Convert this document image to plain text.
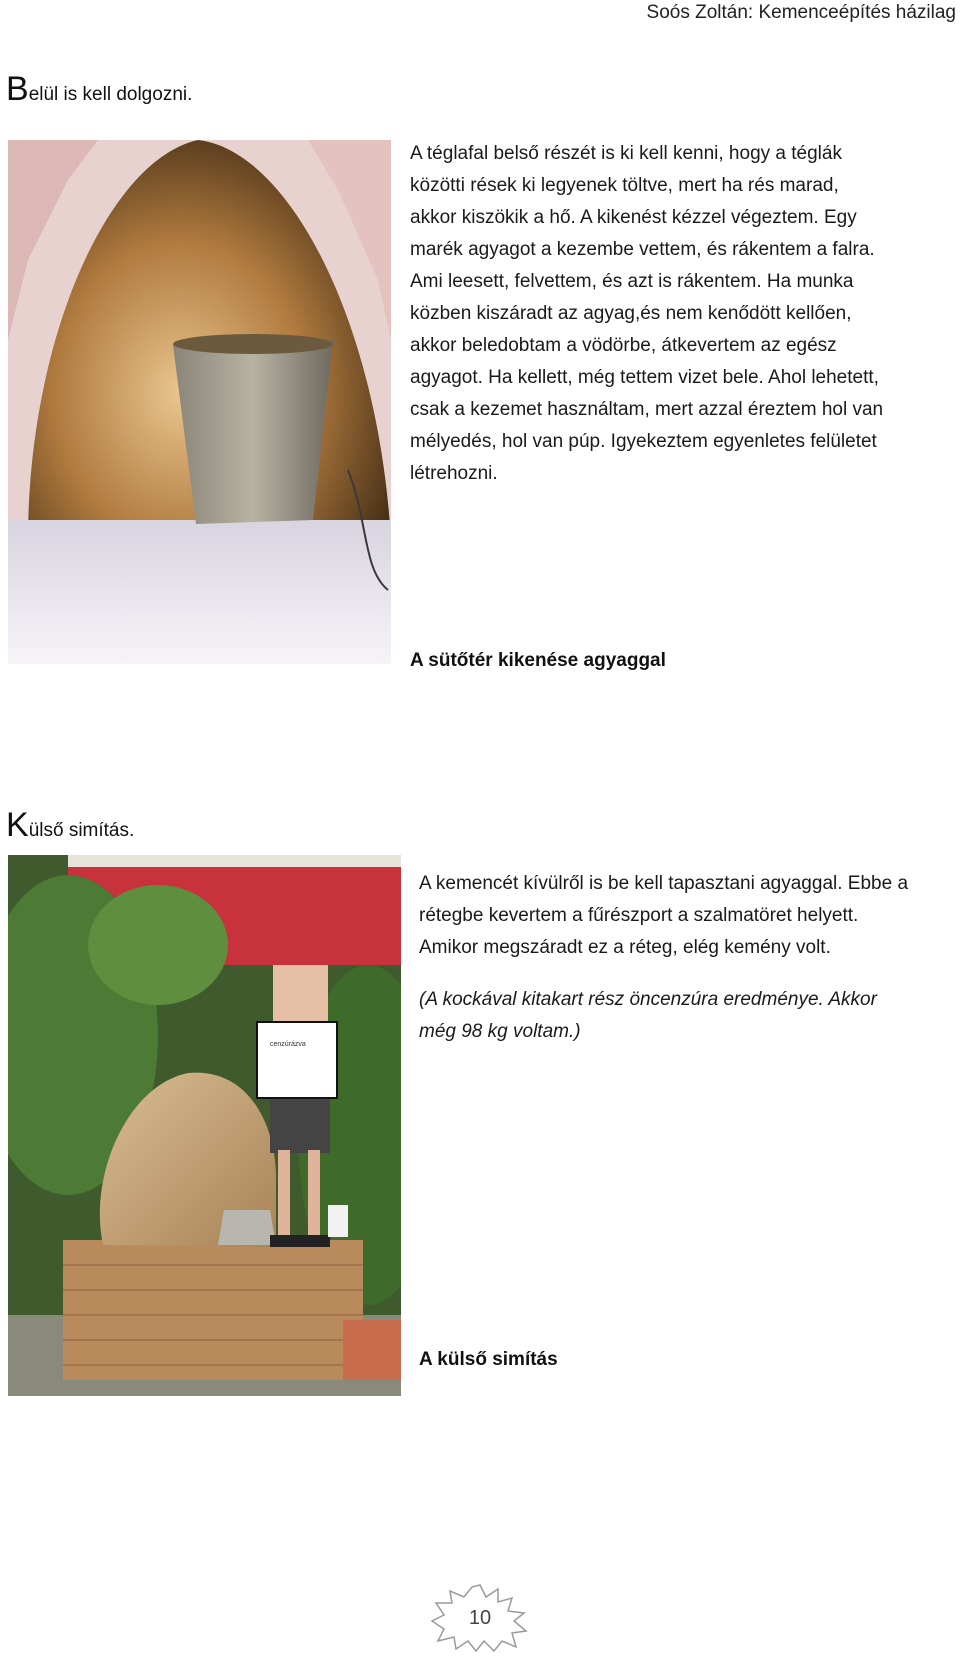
Soós Zoltán: Kemenceépítés házilag
Belül is kell dolgozni.

A téglafal belső részét is ki kell kenni, hogy a téglák közötti rések ki legyenek töltve, mert ha rés marad, akkor kiszökik a hő. A kikenést kézzel végeztem. Egy marék agyagot a kezembe vettem, és rákentem a falra. Ami leesett, felvettem, és azt is rákentem. Ha munka közben kiszáradt az agyag,és nem kenődött kellően, akkor beledobtam a vödörbe, átkevertem az egész agyagot. Ha kellett, még tettem vizet bele. Ahol lehetett, csak a kezemet használtam, mert azzal éreztem hol van mélyedés, hol van púp. Igyekeztem egyenletes felületet létrehozni.

A sütőtér kikenése agyaggal
Külső simítás.
cenzúrázva

A kemencét kívülről is be kell tapasztani agyaggal. Ebbe a rétegbe kevertem a fűrészport a szalmatöret helyett. Amikor megszáradt ez a réteg, elég kemény volt.

(A kockával kitakart rész öncenzúra eredménye. Akkor még 98 kg voltam.)

A külső simítás
10
